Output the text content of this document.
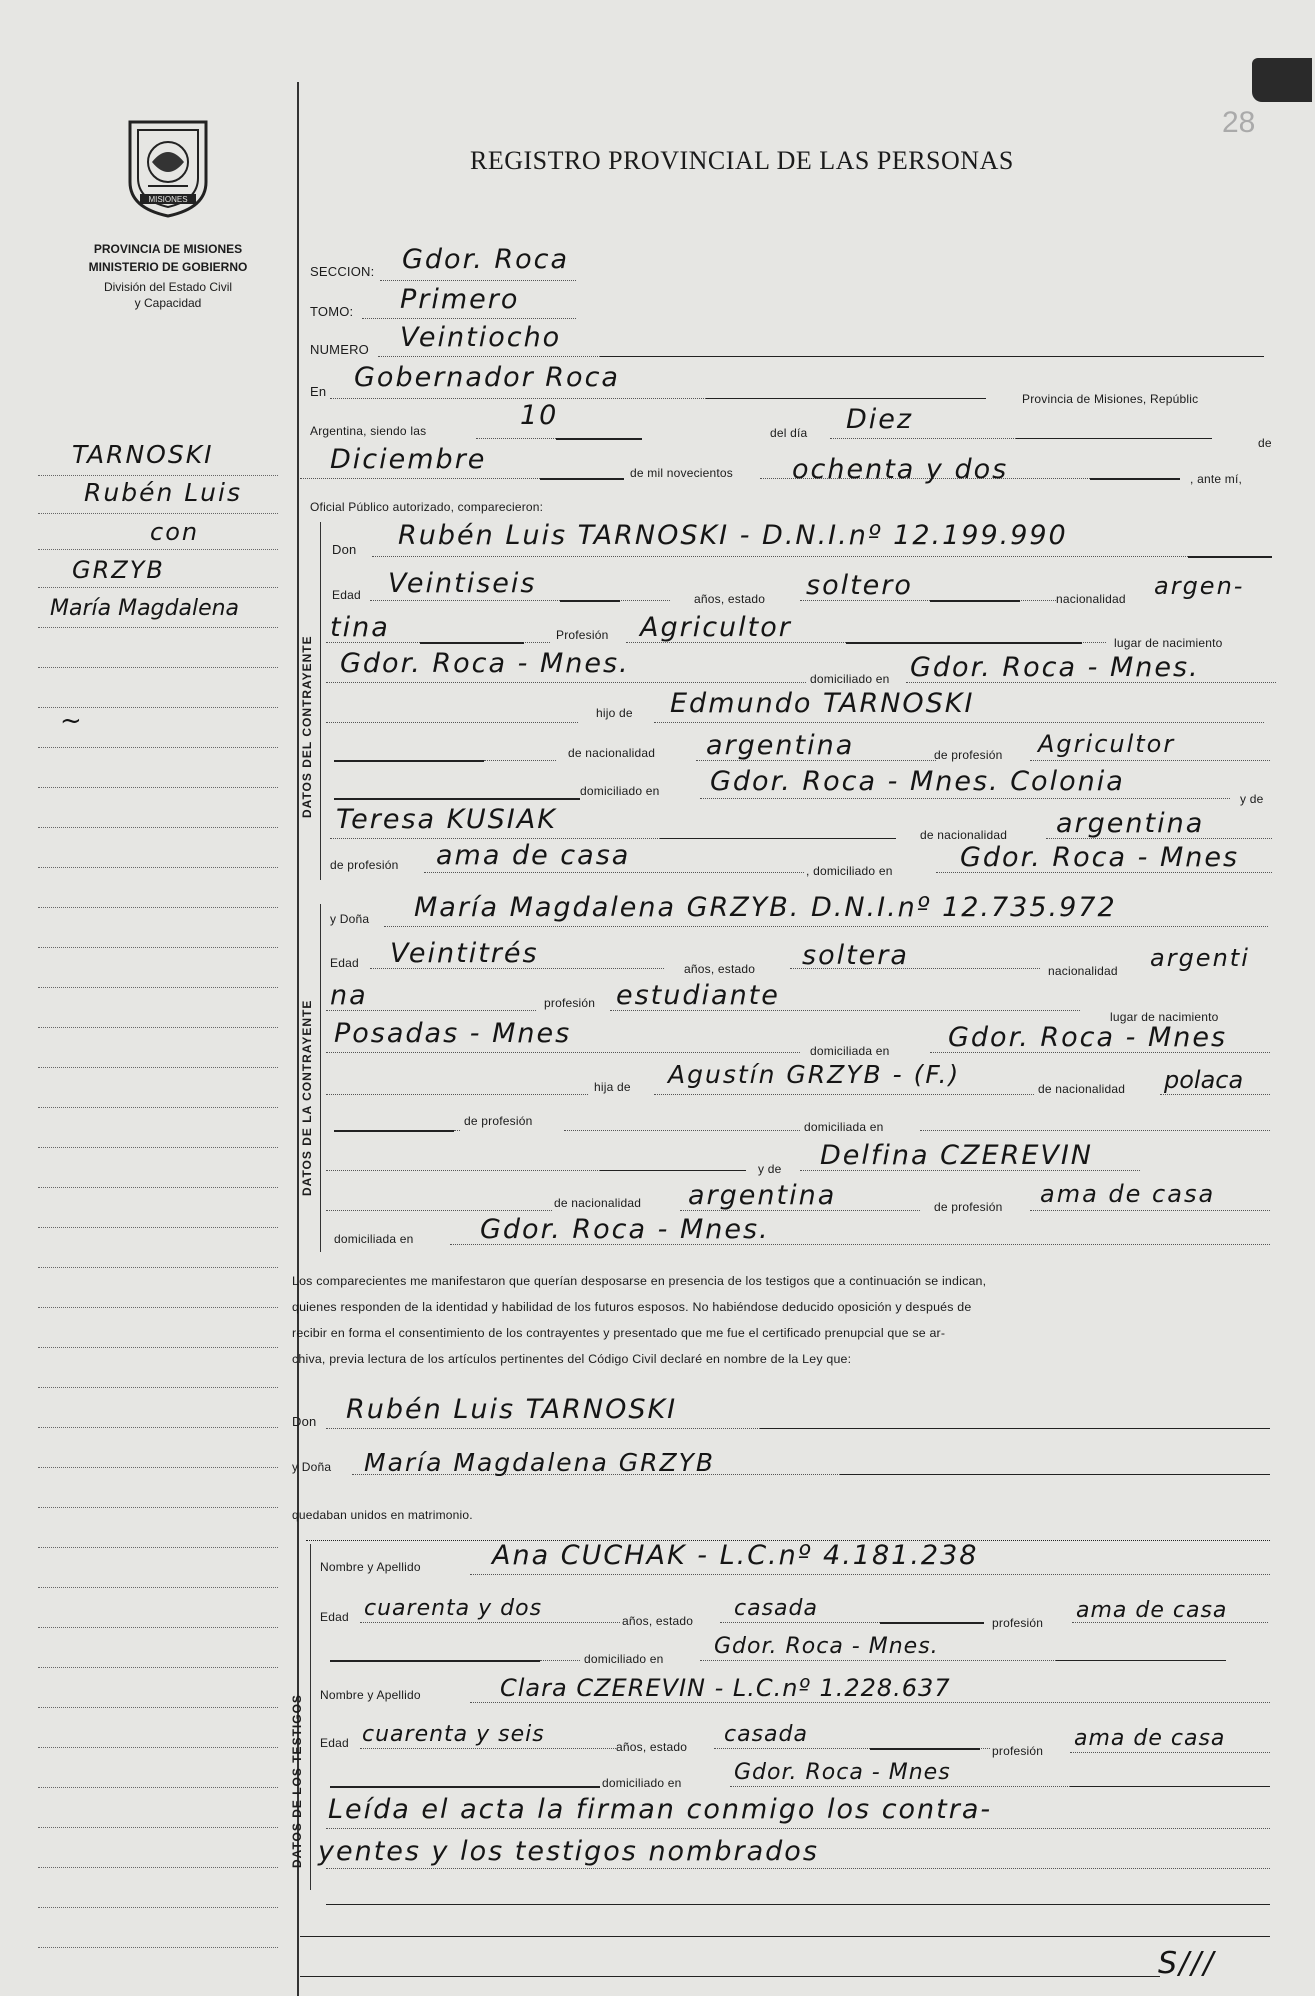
MISIONES
PROVINCIA DE MISIONES
MINISTERIO DE GOBIERNO
División del Estado Civil
y Capacidad
REGISTRO PROVINCIAL DE LAS PERSONAS
28
TARNOSKI
Rubén Luis
con
GRZYB
María Magdalena
~
SECCION: Gdor. Roca
TOMO: Primero
NUMERO Veintiocho
En Gobernador Roca
Provincia de Misiones, Repúblic
Argentina, siendo las	10
del día Diez
de
Diciembre	de mil novecientos ochenta y dos	, ante mí,
Oficial Público autorizado, comparecieron:
DATOS DEL CONTRAYENTE
Don Rubén Luis TARNOSKI - D.N.I.nº 12.199.990
Edad Veintiseis	años, estado soltero	nacionalidad argen-
tina	Profesión Agricultor	lugar de nacimiento
Gdor. Roca - Mnes.	domiciliado en Gdor. Roca - Mnes.
hijo de Edmundo TARNOSKI
de nacionalidad argentina	de profesión Agricultor
domiciliado en Gdor. Roca - Mnes. Colonia
y de
Teresa KUSIAK	de nacionalidad argentina
de profesión ama de casa	, domiciliado en Gdor. Roca - Mnes
DATOS DE LA CONTRAYENTE
y Doña María Magdalena GRZYB. D.N.I.nº 12.735.972
Edad Veintitrés	años, estado soltera	nacionalidad argenti
na	profesión estudiante
lugar de nacimiento
Posadas - Mnes
domiciliada en Gdor. Roca - Mnes
hija de Agustín GRZYB - (F.)	de nacionalidad polaca
de profesión	domiciliada en
y de Delfina CZEREVIN
de nacionalidad argentina	de profesión ama de casa
domiciliada en Gdor. Roca - Mnes.
Los comparecientes me manifestaron que querían desposarse en presencia de los testigos que a continuación se indican,
quienes responden de la identidad y habilidad de los futuros esposos. No habiéndose deducido oposición y después de
recibir en forma el consentimiento de los contrayentes y presentado que me fue el certificado prenupcial que se ar-
chiva, previa lectura de los artículos pertinentes del Código Civil declaré en nombre de la Ley que:
Don Rubén Luis TARNOSKI
y Doña María Magdalena GRZYB
quedaban unidos en matrimonio.
DATOS DE LOS TESTIGOS
Nombre y Apellido	Ana CUCHAK - L.C.nº 4.181.238
Edad cuarenta y dos	años, estado casada
profesión ama de casa
domiciliado en Gdor. Roca - Mnes.
Nombre y Apellido	Clara CZEREVIN - L.C.nº 1.228.637
Edad cuarenta y seis	años, estado casada
profesión ama de casa
domiciliado en Gdor. Roca - Mnes
Leída el acta la firman conmigo los contra-
yentes y los testigos nombrados
S///
